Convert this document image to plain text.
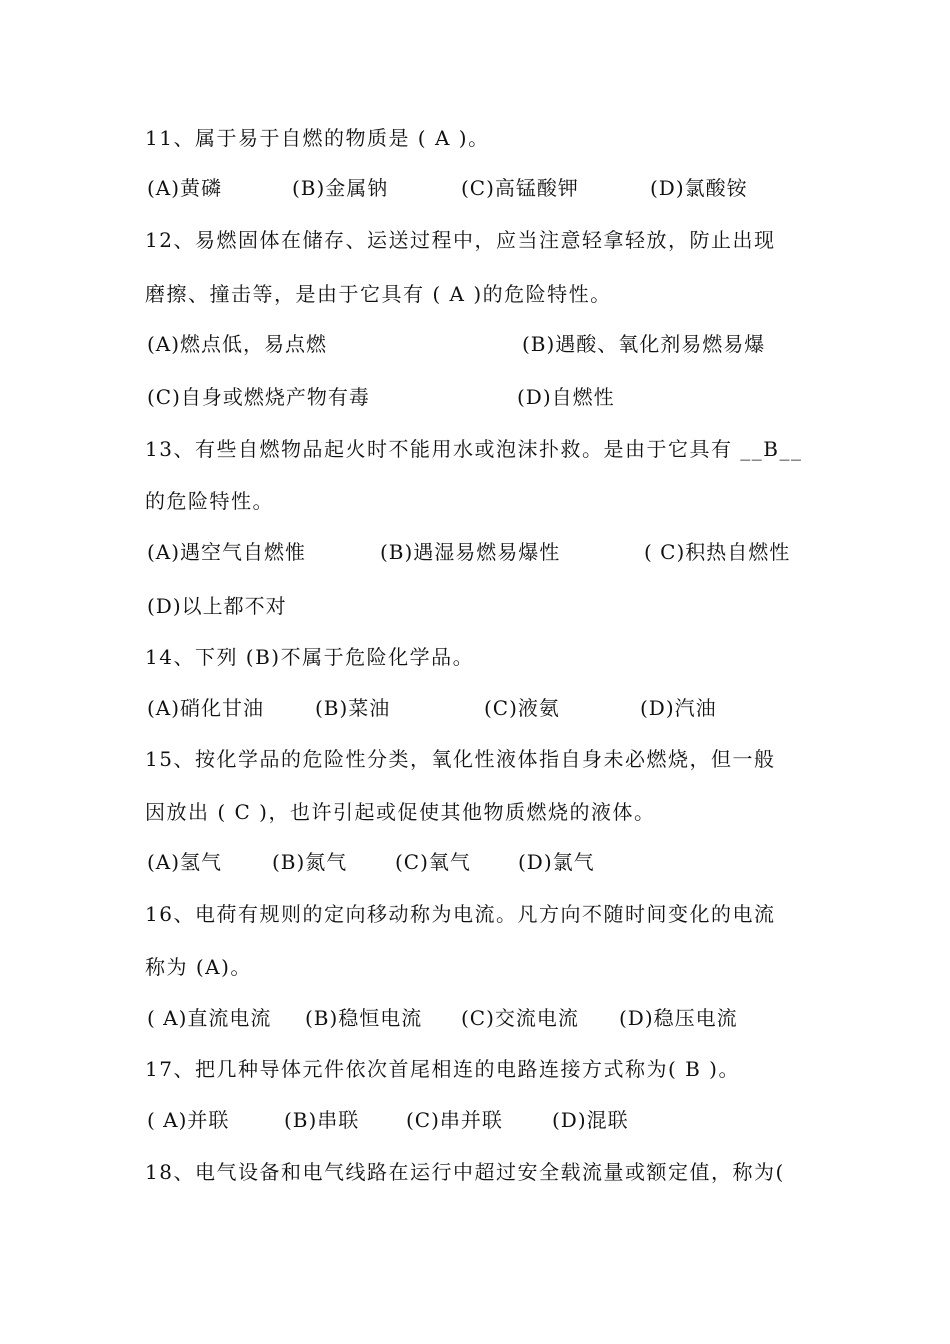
11、属于易于自燃的物质是 ( A )。
(A)黄磷	(B)金属钠	(C)高锰酸钾	(D)氯酸铵
12、易燃固体在储存、运送过程中，应当注意轻拿轻放，防止出现
磨擦、撞击等，是由于它具有 ( A )的危险特性。
(A)燃点低，易点燃	(B)遇酸、氧化剂易燃易爆
(C)自身或燃烧产物有毒	(D)自燃性
13、有些自燃物品起火时不能用水或泡沫扑救。是由于它具有 __B__
的危险特性。
(A)遇空气自燃惟	(B)遇湿易燃易爆性	( C)积热自燃性
(D)以上都不对
14、下列 (B)不属于危险化学品。
(A)硝化甘油	(B)菜油	(C)液氨	(D)汽油
15、按化学品的危险性分类，氧化性液体指自身未必燃烧，但一般
因放出 ( C )，也许引起或促使其他物质燃烧的液体。
(A)氢气 (B)氮气 (C)氧气 (D)氯气
16、电荷有规则的定向移动称为电流。凡方向不随时间变化的电流
称为 (A)。
( A)直流电流 (B)稳恒电流 (C)交流电流 (D)稳压电流
17、把几种导体元件依次首尾相连的电路连接方式称为( B )。
( A)并联	(B)串联 (C)串并联 (D)混联
18、电气设备和电气线路在运行中超过安全载流量或额定值，称为(
